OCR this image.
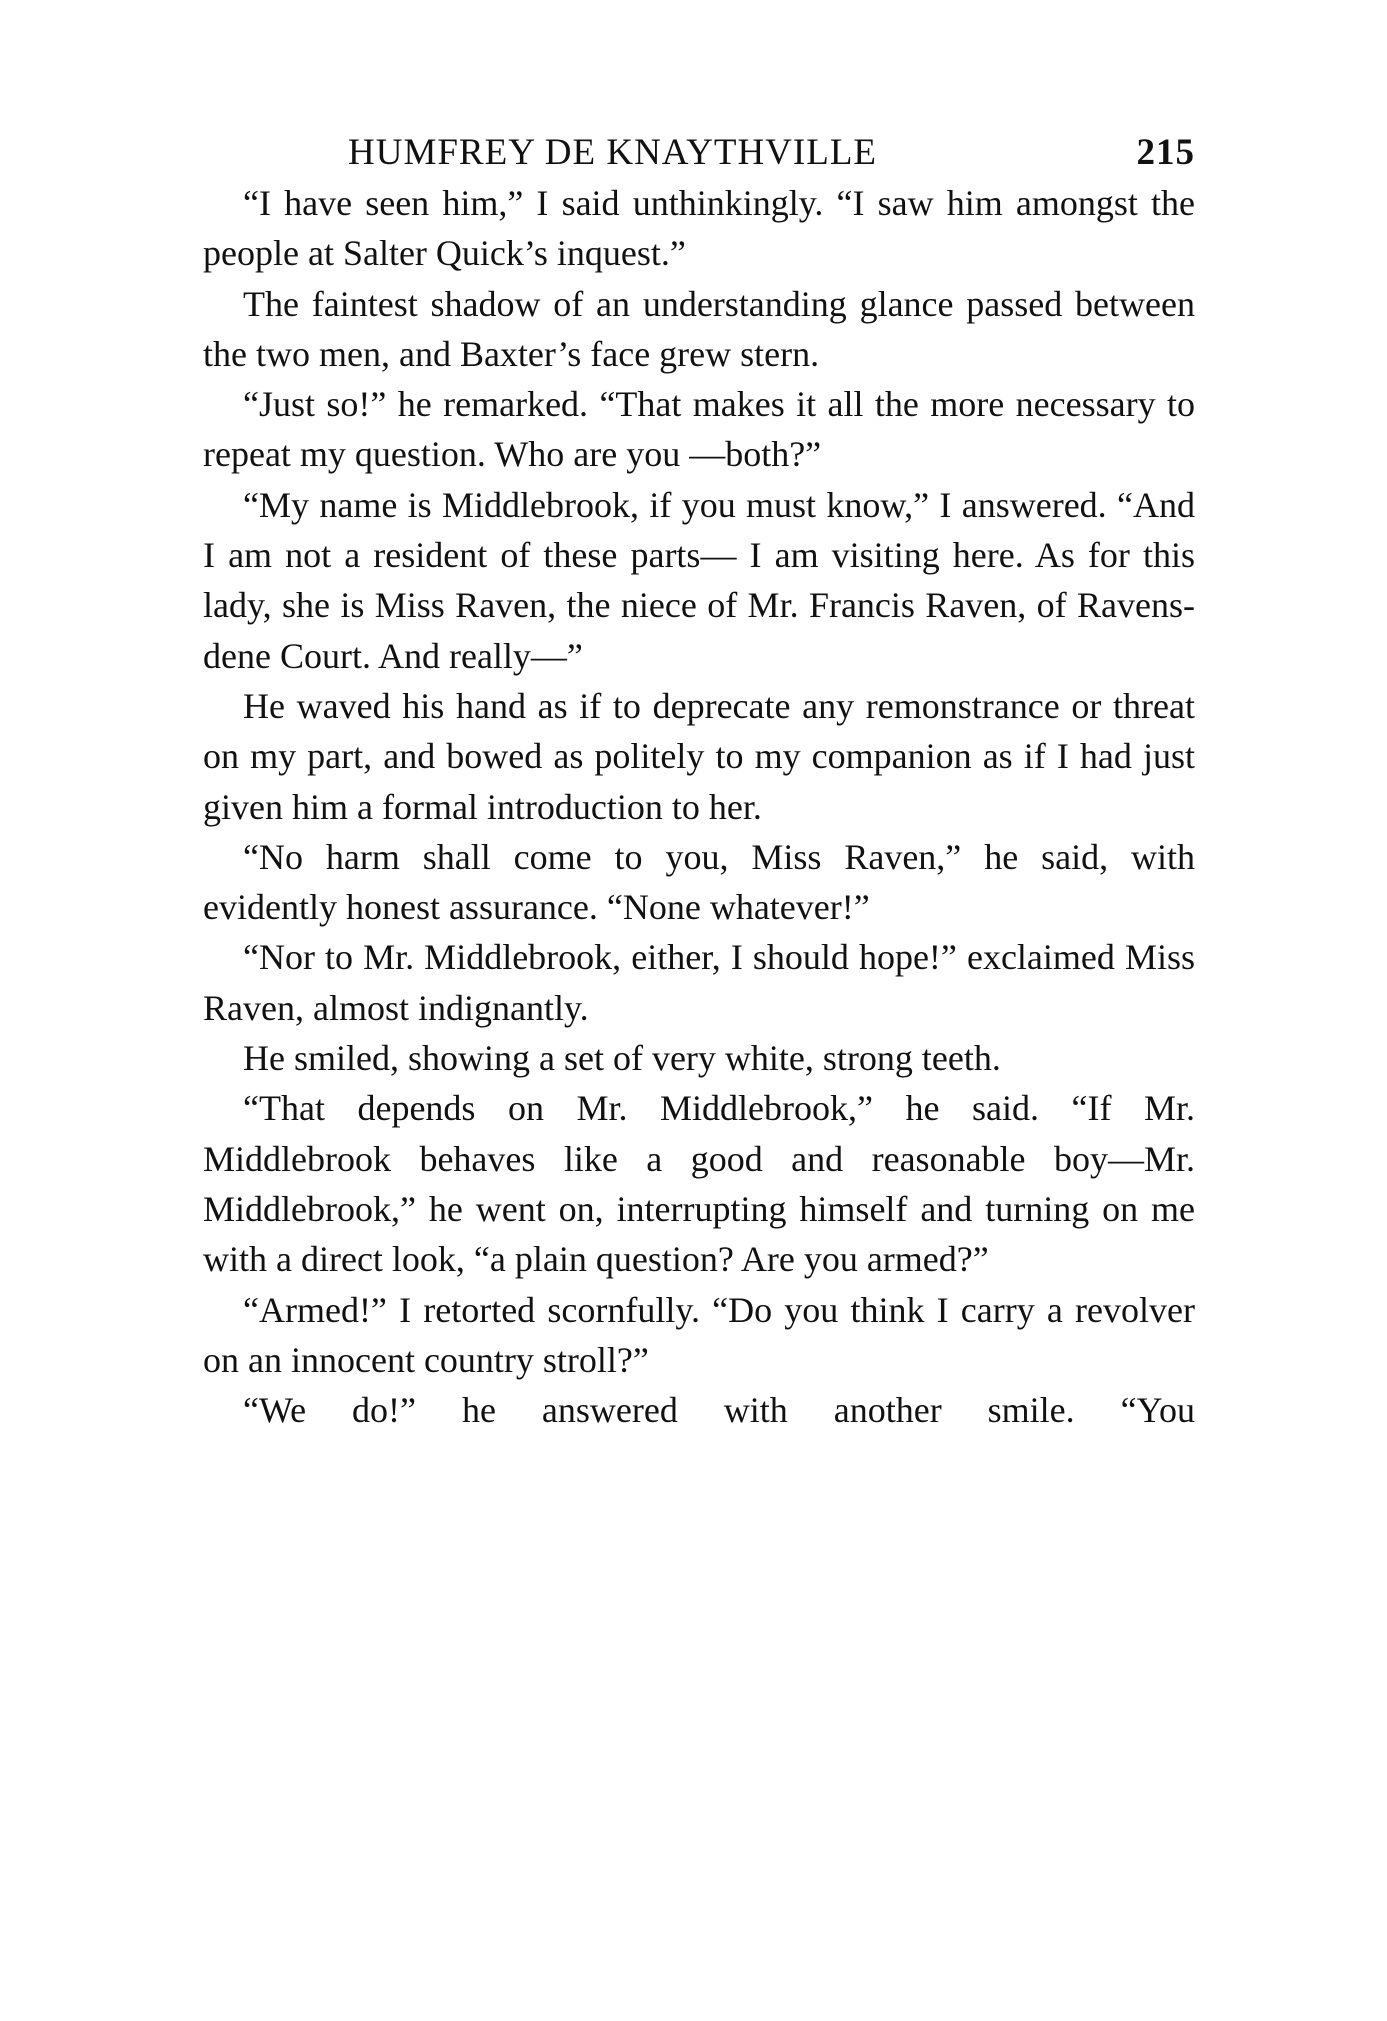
HUMFREY DE KNAYTHVILLE	215

“I have seen him,” I said unthinkingly. “I saw him amongst the people at Salter Quick’s inquest.”

The faintest shadow of an understanding glance passed between the two men, and Baxter’s face grew stern.

“Just so!” he remarked. “That makes it all the more necessary to repeat my question. Who are you —both?”

“My name is Middlebrook, if you must know,” I answered. “And I am not a resident of these parts— I am visiting here. As for this lady, she is Miss Raven, the niece of Mr. Francis Raven, of Ravensdene Court. And really—”

He waved his hand as if to deprecate any remonstrance or threat on my part, and bowed as politely to my companion as if I had just given him a formal introduction to her.

“No harm shall come to you, Miss Raven,” he said, with evidently honest assurance. “None whatever!”

“Nor to Mr. Middlebrook, either, I should hope!” exclaimed Miss Raven, almost indignantly.

He smiled, showing a set of very white, strong teeth.

“That depends on Mr. Middlebrook,” he said. “If Mr. Middlebrook behaves like a good and reasonable boy—Mr. Middlebrook,” he went on, interrupting himself and turning on me with a direct look, “a plain question? Are you armed?”

“Armed!” I retorted scornfully. “Do you think I carry a revolver on an innocent country stroll?”

“We do!” he answered with another smile. “You
